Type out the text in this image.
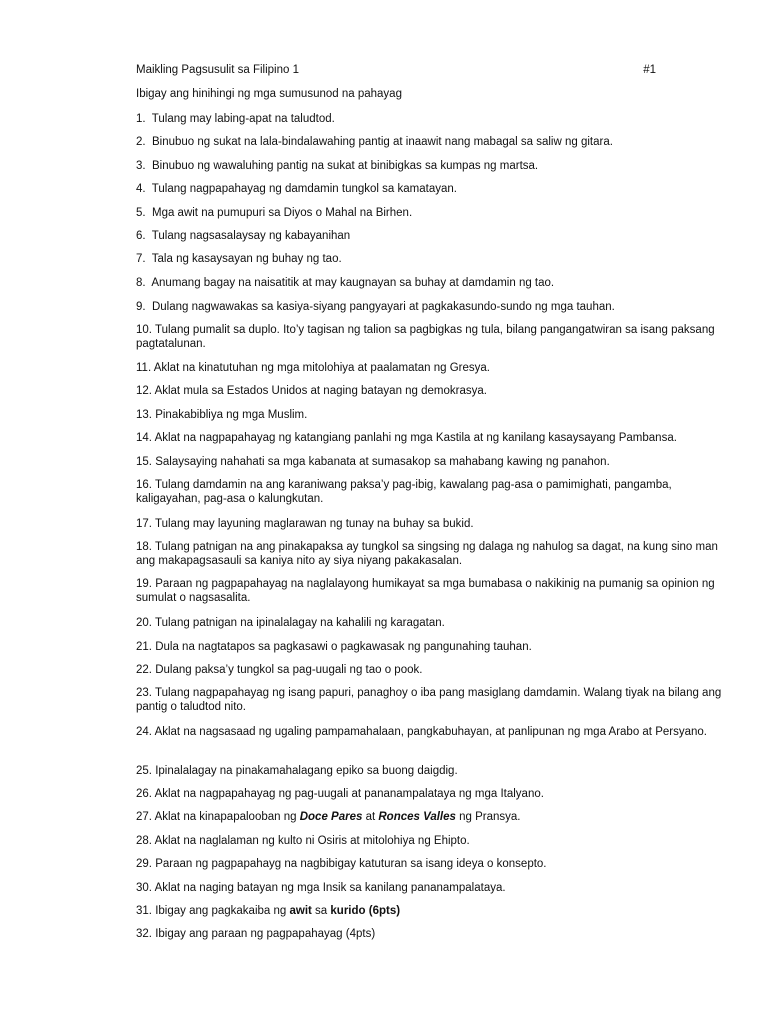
Maikling Pagsusulit sa Filipino 1	#1
Ibigay ang hinihingi ng mga sumusunod na pahayag
1. Tulang may labing-apat na taludtod.
2. Binubuo ng sukat na lala-bindalawahing pantig at inaawit nang mabagal sa saliw ng gitara.
3. Binubuo ng wawaluhing pantig na sukat at binibigkas sa kumpas ng martsa.
4. Tulang nagpapahayag ng damdamin tungkol sa kamatayan.
5. Mga awit na pumupuri sa Diyos o Mahal na Birhen.
6. Tulang nagsasalaysay ng kabayanihan
7. Tala ng kasaysayan ng buhay ng tao.
8. Anumang bagay na naisatitik at may kaugnayan sa buhay at damdamin ng tao.
9. Dulang nagwawakas sa kasiya-siyang pangyayari at pagkakasundo-sundo ng mga tauhan.
10. Tulang pumalit sa duplo. Ito’y tagisan ng talion sa pagbigkas ng tula, bilang pangangatwiran sa isang paksang pagtatalunan.
11. Aklat na kinatutuhan ng mga mitolohiya at paalamatan ng Gresya.
12. Aklat mula sa Estados Unidos at naging batayan ng demokrasya.
13. Pinakabibliya ng mga Muslim.
14. Aklat na nagpapahayag ng katangiang panlahi ng mga Kastila at ng kanilang kasaysayang Pambansa.
15. Salaysaying nahahati sa mga kabanata at sumasakop sa mahabang kawing ng panahon.
16. Tulang damdamin na ang karaniwang paksa’y pag-ibig, kawalang pag-asa o pamimighati, pangamba, kaligayahan, pag-asa o kalungkutan.
17. Tulang may layuning maglarawan ng tunay na buhay sa bukid.
18. Tulang patnigan na ang pinakapaksa ay tungkol sa singsing ng dalaga ng nahulog sa dagat, na kung sino man ang makapagsasauli sa kaniya nito ay siya niyang pakakasalan.
19. Paraan ng pagpapahayag na naglalayong humikayat sa mga bumabasa o nakikinig na pumanig sa opinion ng sumulat o nagsasalita.
20. Tulang patnigan na ipinalalagay na kahalili ng karagatan.
21. Dula na nagtatapos sa pagkasawi o pagkawasak ng pangunahing tauhan.
22. Dulang paksa’y tungkol sa pag-uugali ng tao o pook.
23. Tulang nagpapahayag ng isang papuri, panaghoy o iba pang masiglang damdamin. Walang tiyak na bilang ang pantig o taludtod nito.
24. Aklat na nagsasaad ng ugaling pampamahalaan, pangkabuhayan, at panlipunan ng mga Arabo at Persyano.
25. Ipinalalagay na pinakamahalagang epiko sa buong daigdig.
26. Aklat na nagpapahayag ng pag-uugali at pananampalataya ng mga Italyano.
27. Aklat na kinapapalooban ng Doce Pares at Ronces Valles ng Pransya.
28. Aklat na naglalaman ng kulto ni Osiris at mitolohiya ng Ehipto.
29. Paraan ng pagpapahayg na nagbibigay katuturan sa isang ideya o konsepto.
30. Aklat na naging batayan ng mga Insik sa kanilang pananampalataya.
31. Ibigay ang pagkakaiba ng awit sa kurido (6pts)
32. Ibigay ang paraan ng pagpapahayag (4pts)
